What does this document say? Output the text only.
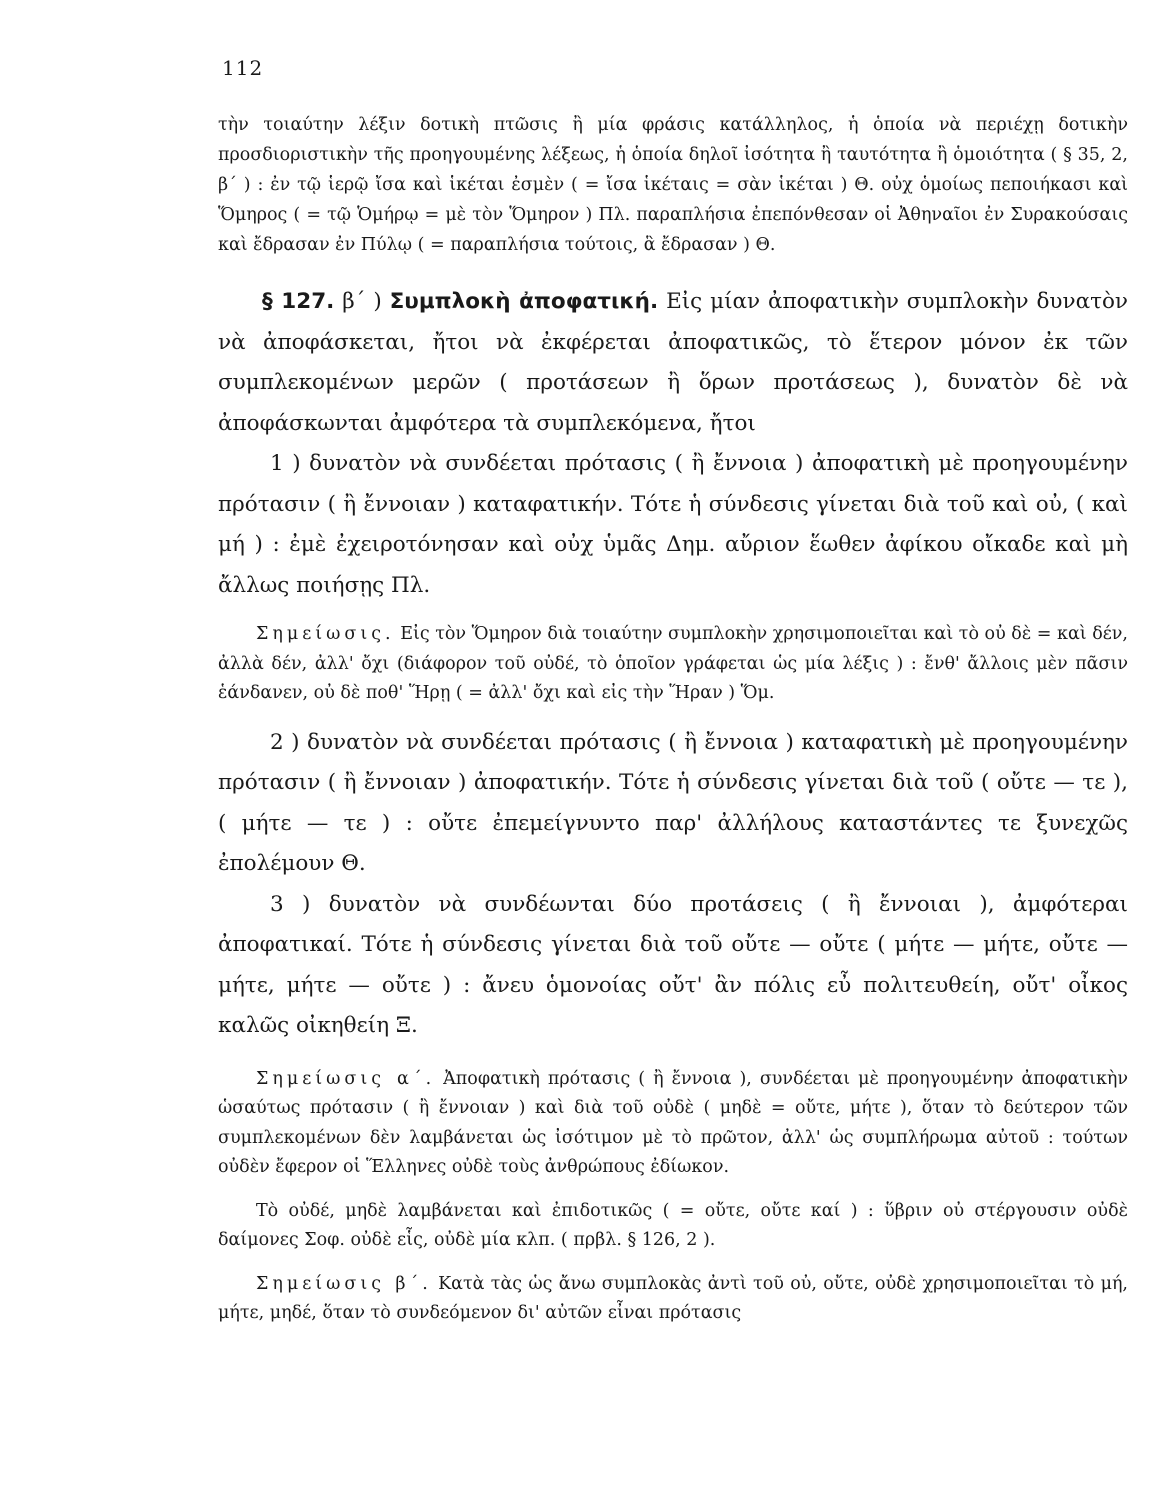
112

τὴν τοιαύτην λέξιν δοτικὴ πτῶσις ἢ μία φράσις κατάλληλος, ἡ ὁποία νὰ περιέχῃ δοτικὴν προσδιοριστικὴν τῆς προηγουμένης λέξεως, ἡ ὁποία δηλοῖ ἰσότητα ἢ ταυτότητα ἢ ὁμοιότητα ( § 35, 2, β΄ ) : ἐν τῷ ἱερῷ ἴσα καὶ ἱκέται ἐσμὲν ( = ἴσα ἱκέταις = σὰν ἱκέται ) Θ. οὐχ ὁμοίως πεποιήκασι καὶ Ὅμηρος ( = τῷ Ὁμήρῳ = μὲ τὸν Ὅμηρον ) Πλ. παραπλήσια ἐπεπόνθεσαν οἱ Ἀθηναῖοι ἐν Συρακούσαις καὶ ἔδρασαν ἐν Πύλῳ ( = παραπλήσια τούτοις, ἃ ἔδρασαν ) Θ.

§ 127. β΄ ) Συμπλοκὴ ἀποφατική. Εἰς μίαν ἀποφατικὴν συμπλοκὴν δυνατὸν νὰ ἀποφάσκεται, ἤτοι νὰ ἐκφέρεται ἀποφατικῶς, τὸ ἕτερον μόνον ἐκ τῶν συμπλεκομένων μερῶν ( προτάσεων ἢ ὅρων προτάσεως ), δυνατὸν δὲ νὰ ἀποφάσκωνται ἀμφότερα τὰ συμπλεκόμενα, ἤτοι

1 ) δυνατὸν νὰ συνδέεται πρότασις ( ἢ ἔννοια ) ἀποφατικὴ μὲ προηγουμένην πρότασιν ( ἢ ἔννοιαν ) καταφατικήν. Τότε ἡ σύνδεσις γίνεται διὰ τοῦ καὶ οὐ, ( καὶ μή ) : ἐμὲ ἐχειροτόνησαν καὶ οὐχ ὑμᾶς Δημ. αὔριον ἕωθεν ἀφίκου οἴκαδε καὶ μὴ ἄλλως ποιήσῃς Πλ.

Σημείωσις. Εἰς τὸν Ὅμηρον διὰ τοιαύτην συμπλοκὴν χρησιμοποιεῖται καὶ τὸ οὐ δὲ = καὶ δέν, ἀλλὰ δέν, ἀλλ' ὄχι (διάφορον τοῦ οὐδέ, τὸ ὁποῖον γράφεται ὡς μία λέξις ) : ἔνθ' ἄλλοις μὲν πᾶσιν ἑάνδανεν, οὐ δὲ ποθ' Ἥρῃ ( = ἀλλ' ὄχι καὶ εἰς τὴν Ἥραν ) Ὅμ.

2 ) δυνατὸν νὰ συνδέεται πρότασις ( ἢ ἔννοια ) καταφατικὴ μὲ προηγουμένην πρότασιν ( ἢ ἔννοιαν ) ἀποφατικήν. Τότε ἡ σύνδεσις γίνεται διὰ τοῦ ( οὔτε — τε ), ( μήτε — τε ) : οὔτε ἐπεμείγνυντο παρ' ἀλλήλους καταστάντες τε ξυνεχῶς ἐπολέμουν Θ.

3 ) δυνατὸν νὰ συνδέωνται δύο προτάσεις ( ἢ ἔννοιαι ), ἀμφότεραι ἀποφατικαί. Τότε ἡ σύνδεσις γίνεται διὰ τοῦ οὔτε — οὔτε ( μήτε — μήτε, οὔτε — μήτε, μήτε — οὔτε ) : ἄνευ ὁμονοίας οὔτ' ἂν πόλις εὖ πολιτευθείη, οὔτ' οἶκος καλῶς οἰκηθείη Ξ.

Σημείωσις α΄. Ἀποφατικὴ πρότασις ( ἢ ἔννοια ), συνδέεται μὲ προηγουμένην ἀποφατικὴν ὡσαύτως πρότασιν ( ἢ ἔννοιαν ) καὶ διὰ τοῦ οὐδὲ ( μηδὲ = οὔτε, μήτε ), ὅταν τὸ δεύτερον τῶν συμπλεκομένων δὲν λαμβάνεται ὡς ἰσότιμον μὲ τὸ πρῶτον, ἀλλ' ὡς συμπλήρωμα αὐτοῦ : τούτων οὐδὲν ἔφερον οἱ Ἕλληνες οὐδὲ τοὺς ἀνθρώπους ἐδίωκον.

Τὸ οὐδέ, μηδὲ λαμβάνεται καὶ ἐπιδοτικῶς ( = οὔτε, οὔτε καί ) : ὕβριν οὐ στέργουσιν οὐδὲ δαίμονες Σοφ. οὐδὲ εἷς, οὐδὲ μία κλπ. ( πρβλ. § 126, 2 ).

Σημείωσις β΄. Κατὰ τὰς ὡς ἄνω συμπλοκὰς ἀντὶ τοῦ οὐ, οὔτε, οὐδὲ χρησιμοποιεῖται τὸ μή, μήτε, μηδέ, ὅταν τὸ συνδεόμενον δι' αὐτῶν εἶναι πρότασις
